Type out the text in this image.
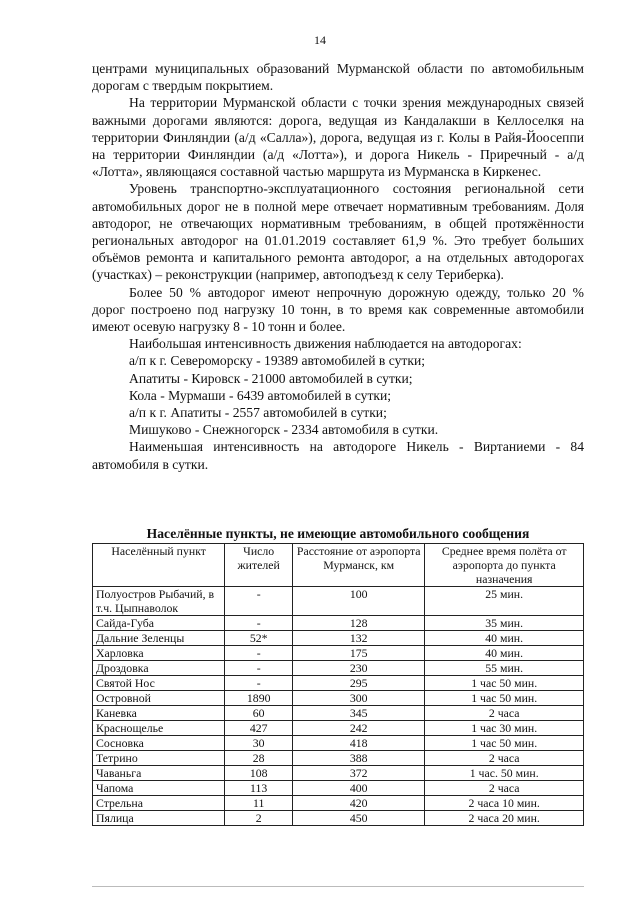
14

центрами муниципальных образований Мурманской области по автомобильным дорогам с твердым покрытием.

На территории Мурманской области с точки зрения международных связей важными дорогами являются: дорога, ведущая из Кандалакши в Келлоселкя на территории Финляндии (а/д «Салла»), дорога, ведущая из г. Колы в Райя-Йоосеппи на территории Финляндии (а/д «Лотта»), и дорога Никель - Приречный - а/д «Лотта», являющаяся составной частью маршрута из Мурманска в Киркенес.

Уровень транспортно-эксплуатационного состояния региональной сети автомобильных дорог не в полной мере отвечает нормативным требованиям. Доля автодорог, не отвечающих нормативным требованиям, в общей протяжённости региональных автодорог на 01.01.2019 составляет 61,9 %. Это требует больших объёмов ремонта и капитального ремонта автодорог, а на отдельных автодорогах (участках) – реконструкции (например, автоподъезд к селу Териберка).

Более 50 % автодорог имеют непрочную дорожную одежду, только 20 % дорог построено под нагрузку 10 тонн, в то время как современные автомобили имеют осевую нагрузку 8 - 10 тонн и более.

Наибольшая интенсивность движения наблюдается на автодорогах:

а/п к г. Североморску - 19389 автомобилей в сутки;

Апатиты - Кировск - 21000 автомобилей в сутки;

Кола - Мурмаши - 6439 автомобилей в сутки;

а/п к г. Апатиты - 2557 автомобилей в сутки;

Мишуково - Снежногорск - 2334 автомобиля в сутки.

Наименьшая интенсивность на автодороге Никель - Виртаниеми - 84 автомобиля в сутки.

Населённые пункты, не имеющие автомобильного сообщения
Населённый пункт	Число жителей	Расстояние от аэропорта Мурманск, км	Среднее время полёта от аэропорта до пункта назначения
Полуостров Рыбачий, в т.ч. Цыпнаволок	-	100	25 мин.
Сайда-Губа	-	128	35 мин.
Дальние Зеленцы	52*	132	40 мин.
Харловка	-	175	40 мин.
Дроздовка	-	230	55 мин.
Святой Нос	-	295	1 час 50 мин.
Островной	1890	300	1 час 50 мин.
Каневка	60	345	2 часа
Краснощелье	427	242	1 час 30 мин.
Сосновка	30	418	1 час 50 мин.
Тетрино	28	388	2 часа
Чаваньга	108	372	1 час. 50 мин.
Чапома	113	400	2 часа
Стрельна	11	420	2 часа 10 мин.
Пялица	2	450	2 часа 20 мин.
